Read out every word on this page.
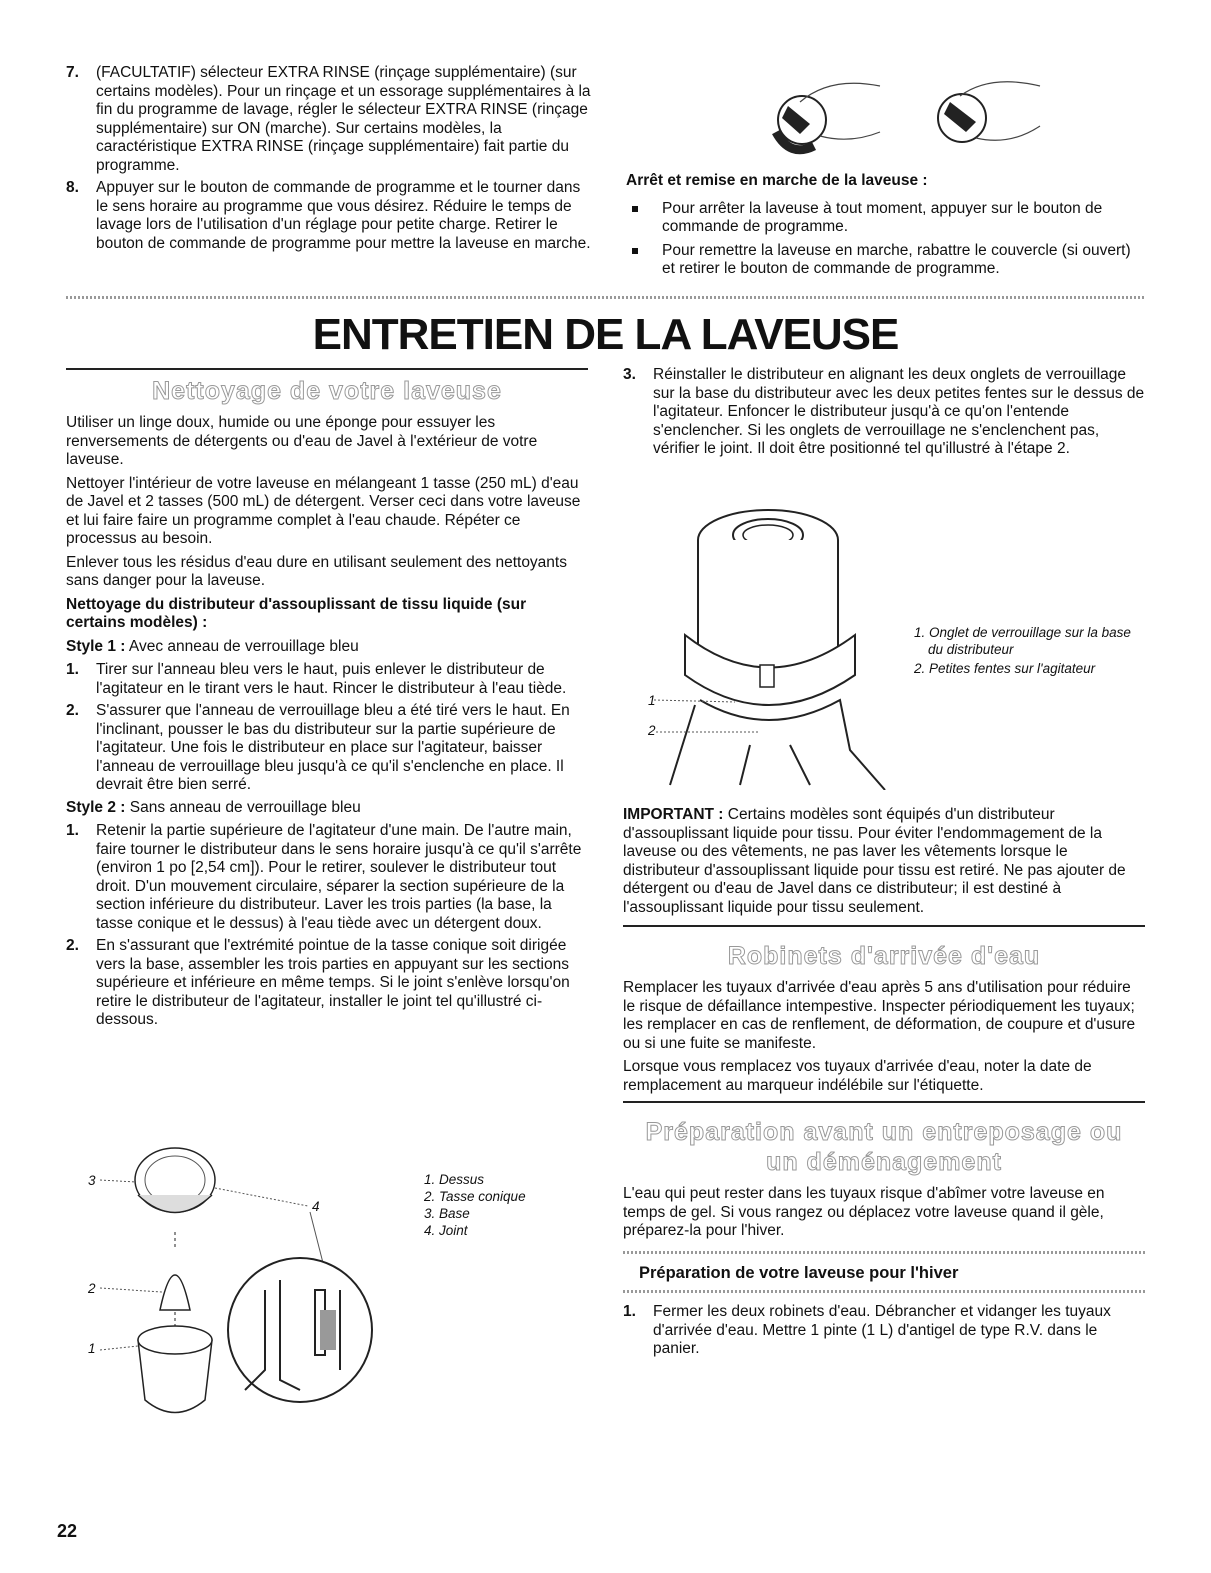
7. (FACULTATIF) sélecteur EXTRA RINSE (rinçage supplémentaire) (sur certains modèles). Pour un rinçage et un essorage supplémentaires à la fin du programme de lavage, régler le sélecteur EXTRA RINSE (rinçage supplémentaire) sur ON (marche). Sur certains modèles, la caractéristique EXTRA RINSE (rinçage supplémentaire) fait partie du programme.
8. Appuyer sur le bouton de commande de programme et le tourner dans le sens horaire au programme que vous désirez. Réduire le temps de lavage lors de l'utilisation d'un réglage pour petite charge. Retirer le bouton de commande de programme pour mettre la laveuse en marche.

Arrêt et remise en marche de la laveuse :

Pour arrêter la laveuse à tout moment, appuyer sur le bouton de commande de programme.
Pour remettre la laveuse en marche, rabattre le couvercle (si ouvert) et retirer le bouton de commande de programme.
ENTRETIEN DE LA LAVEUSE
Nettoyage de votre laveuse

Utiliser un linge doux, humide ou une éponge pour essuyer les renversements de détergents ou d'eau de Javel à l'extérieur de votre laveuse.

Nettoyer l'intérieur de votre laveuse en mélangeant 1 tasse (250 mL) d'eau de Javel et 2 tasses (500 mL) de détergent. Verser ceci dans votre laveuse et lui faire faire un programme complet à l'eau chaude. Répéter ce processus au besoin.

Enlever tous les résidus d'eau dure en utilisant seulement des nettoyants sans danger pour la laveuse.

Nettoyage du distributeur d'assouplissant de tissu liquide (sur certains modèles) :

Style 1 : Avec anneau de verrouillage bleu

1. Tirer sur l'anneau bleu vers le haut, puis enlever le distributeur de l'agitateur en le tirant vers le haut. Rincer le distributeur à l'eau tiède.
2. S'assurer que l'anneau de verrouillage bleu a été tiré vers le haut. En l'inclinant, pousser le bas du distributeur sur la partie supérieure de l'agitateur. Une fois le distributeur en place sur l'agitateur, baisser l'anneau de verrouillage bleu jusqu'à ce qu'il s'enclenche en place. Il devrait être bien serré.

Style 2 : Sans anneau de verrouillage bleu

1. Retenir la partie supérieure de l'agitateur d'une main. De l'autre main, faire tourner le distributeur dans le sens horaire jusqu'à ce qu'il s'arrête (environ 1 po [2,54 cm]). Pour le retirer, soulever le distributeur tout droit. D'un mouvement circulaire, séparer la section supérieure de la section inférieure du distributeur. Laver les trois parties (la base, la tasse conique et le dessus) à l'eau tiède avec un détergent doux.
2. En s'assurant que l'extrémité pointue de la tasse conique soit dirigée vers la base, assembler les trois parties en appuyant sur les sections supérieure et inférieure en même temps. Si le joint s'enlève lorsqu'on retire le distributeur de l'agitateur, installer le joint tel qu'illustré ci-dessous.
3
4
2
1
1. Dessus
2. Tasse conique
3. Base
4. Joint
3. Réinstaller le distributeur en alignant les deux onglets de verrouillage sur la base du distributeur avec les deux petites fentes sur le dessus de l'agitateur. Enfoncer le distributeur jusqu'à ce qu'on l'entende s'enclencher. Si les onglets de verrouillage ne s'enclenchent pas, vérifier le joint. Il doit être positionné tel qu'illustré à l'étape 2.
1
2
1. Onglet de verrouillage sur la base du distributeur
2. Petites fentes sur l'agitateur

IMPORTANT : Certains modèles sont équipés d'un distributeur d'assouplissant liquide pour tissu. Pour éviter l'endommagement de la laveuse ou des vêtements, ne pas laver les vêtements lorsque le distributeur d'assouplissant liquide pour tissu est retiré. Ne pas ajouter de détergent ou d'eau de Javel dans ce distributeur; il est destiné à l'assouplissant liquide pour tissu seulement.

Robinets d'arrivée d'eau

Remplacer les tuyaux d'arrivée d'eau après 5 ans d'utilisation pour réduire le risque de défaillance intempestive. Inspecter périodiquement les tuyaux; les remplacer en cas de renflement, de déformation, de coupure et d'usure ou si une fuite se manifeste.

Lorsque vous remplacez vos tuyaux d'arrivée d'eau, noter la date de remplacement au marqueur indélébile sur l'étiquette.

Préparation avant un entreposage ou
un déménagement

L'eau qui peut rester dans les tuyaux risque d'abîmer votre laveuse en temps de gel. Si vous rangez ou déplacez votre laveuse quand il gèle, préparez-la pour l'hiver.

Préparation de votre laveuse pour l'hiver

1. Fermer les deux robinets d'eau. Débrancher et vidanger les tuyaux d'arrivée d'eau. Mettre 1 pinte (1 L) d'antigel de type R.V. dans le panier.
22
